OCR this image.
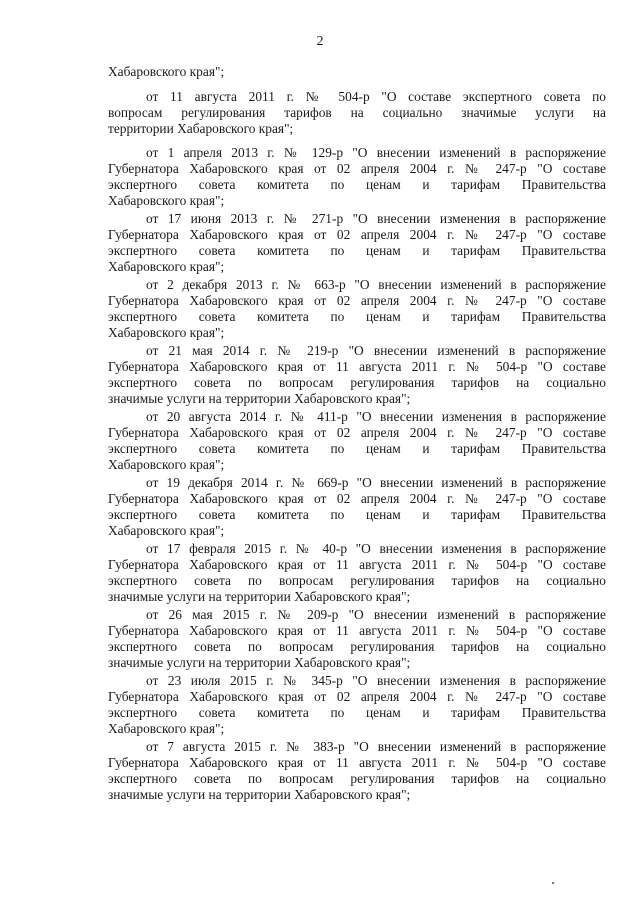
2
Хабаровского края";
от 11 августа 2011 г. № 504-р "О составе экспертного совета по
вопросам регулирования тарифов на социально значимые услуги на
территории Хабаровского края";
от 1 апреля 2013 г. № 129-р "О внесении изменений в распоряжение
Губернатора Хабаровского края от 02 апреля 2004 г. № 247-р "О составе
экспертного совета комитета по ценам и тарифам Правительства
Хабаровского края";
от 17 июня 2013 г. № 271-р "О внесении изменения в распоряжение
Губернатора Хабаровского края от 02 апреля 2004 г. № 247-р "О составе
экспертного совета комитета по ценам и тарифам Правительства
Хабаровского края";
от 2 декабря 2013 г. № 663-р "О внесении изменений в распоряжение
Губернатора Хабаровского края от 02 апреля 2004 г. № 247-р "О составе
экспертного совета комитета по ценам и тарифам Правительства
Хабаровского края";
от 21 мая 2014 г. № 219-р "О внесении изменений в распоряжение
Губернатора Хабаровского края от 11 августа 2011 г. № 504-р "О составе
экспертного совета по вопросам регулирования тарифов на социально
значимые услуги на территории Хабаровского края";
от 20 августа 2014 г. № 411-р "О внесении изменения в распоряжение
Губернатора Хабаровского края от 02 апреля 2004 г. № 247-р "О составе
экспертного совета комитета по ценам и тарифам Правительства
Хабаровского края";
от 19 декабря 2014 г. № 669-р "О внесении изменений в распоряжение
Губернатора Хабаровского края от 02 апреля 2004 г. № 247-р "О составе
экспертного совета комитета по ценам и тарифам Правительства
Хабаровского края";
от 17 февраля 2015 г. № 40-р "О внесении изменения в распоряжение
Губернатора Хабаровского края от 11 августа 2011 г. № 504-р "О составе
экспертного совета по вопросам регулирования тарифов на социально
значимые услуги на территории Хабаровского края";
от 26 мая 2015 г. № 209-р "О внесении изменений в распоряжение
Губернатора Хабаровского края от 11 августа 2011 г. № 504-р "О составе
экспертного совета по вопросам регулирования тарифов на социально
значимые услуги на территории Хабаровского края";
от 23 июля 2015 г. № 345-р "О внесении изменения в распоряжение
Губернатора Хабаровского края от 02 апреля 2004 г. № 247-р "О составе
экспертного совета комитета по ценам и тарифам Правительства
Хабаровского края";
от 7 августа 2015 г. № 383-р "О внесении изменений в распоряжение
Губернатора Хабаровского края от 11 августа 2011 г. № 504-р "О составе
экспертного совета по вопросам регулирования тарифов на социально
значимые услуги на территории Хабаровского края";
